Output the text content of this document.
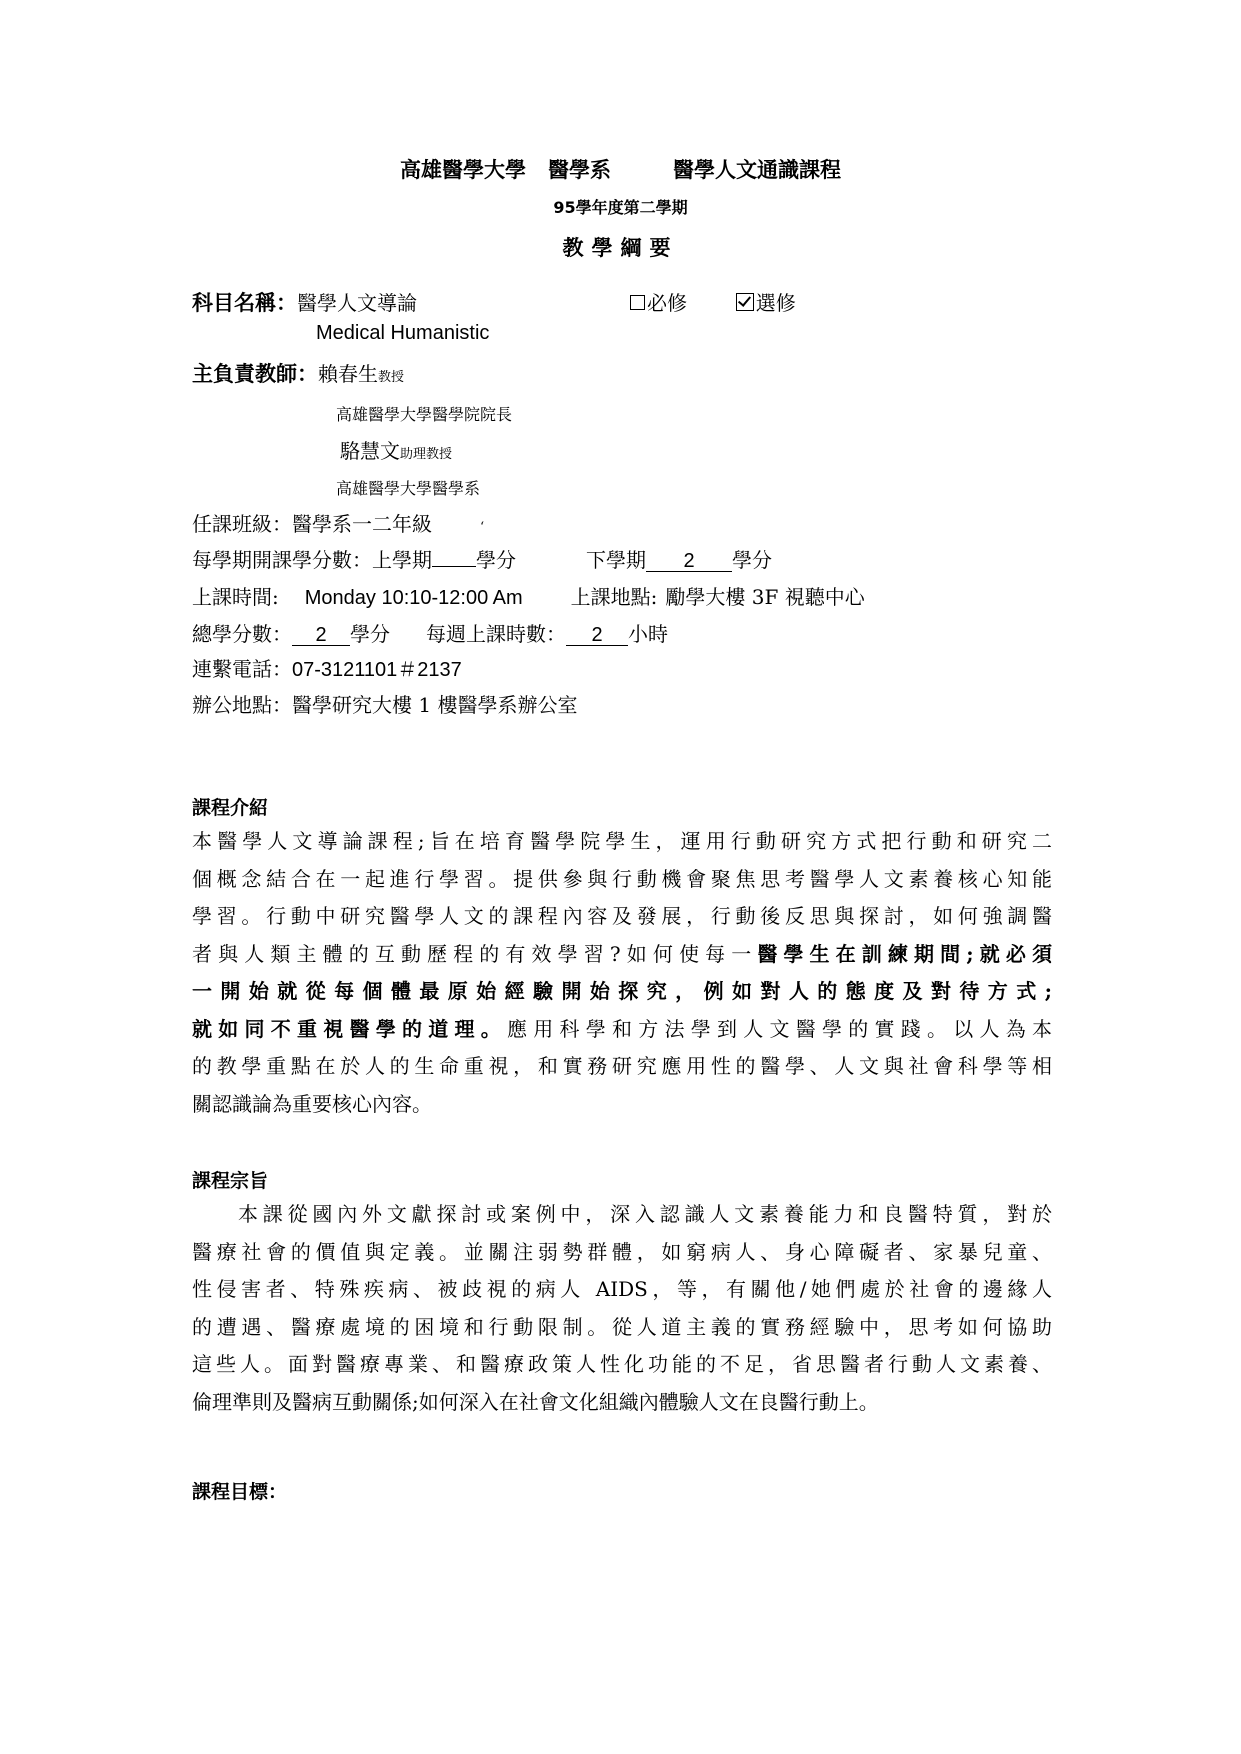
高雄醫學大學 醫學系	醫學人文通識課程
95學年度第二學期
教學綱要
科目名稱：醫學人文導論	必修	選修
Medical Humanistic
主負責教師：賴春生教授
高雄醫學大學醫學院院長
駱慧文助理教授
高雄醫學大學醫學系
任課班級：醫學系一二年級	‘
每學期開課學分數：上學期 學分	下學期 2 學分
上課時間: Monday 10:10-12:00 Am 上課地點: 勵學大樓 3F 視聽中心
總學分數： 2 學分 每週上課時數： 2 小時
連繫電話：07-3121101＃2137
辦公地點：醫學研究大樓 1 樓醫學系辦公室
課程介紹
本醫學人文導論課程;旨在培育醫學院學生，運用行動研究方式把行動和研究二
個概念結合在一起進行學習。提供參與行動機會聚焦思考醫學人文素養核心知能
學習。行動中研究醫學人文的課程內容及發展，行動後反思與探討，如何強調醫
者與人類主體的互動歷程的有效學習?如何使每一醫學生在訓練期間;就必須
一開始就從每個體最原始經驗開始探究，例如對人的態度及對待方式;
就如同不重視醫學的道理。應用科學和方法學到人文醫學的實踐。以人為本
的教學重點在於人的生命重視，和實務研究應用性的醫學、人文與社會科學等相
關認識論為重要核心內容。
課程宗旨
本課從國內外文獻探討或案例中，深入認識人文素養能力和良醫特質，對於
醫療社會的價值與定義。並關注弱勢群體，如窮病人、身心障礙者、家暴兒童、
性侵害者、特殊疾病、被歧視的病人 AIDS，等，有關他/她們處於社會的邊緣人
的遭遇、醫療處境的困境和行動限制。從人道主義的實務經驗中，思考如何協助
這些人。面對醫療專業、和醫療政策人性化功能的不足，省思醫者行動人文素養、
倫理準則及醫病互動關係;如何深入在社會文化組織內體驗人文在良醫行動上。
課程目標：
